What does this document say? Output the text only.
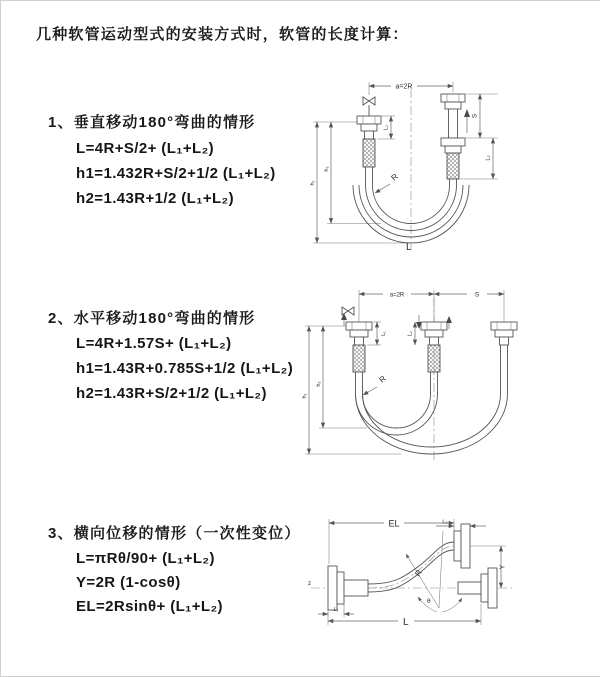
几种软管运动型式的安装方式时，软管的长度计算：
1、垂直移动180°弯曲的情形
L=4R+S/2+ (L₁+L₂)
h1=1.432R+S/2+1/2 (L₁+L₂)
h2=1.43R+1/2 (L₁+L₂)
a=2R
L₁
S
L₂
h₁
h₂
R
L
2、水平移动180°弯曲的情形
L=4R+1.57S+ (L₁+L₂)
h1=1.43R+0.785S+1/2 (L₁+L₂)
h2=1.43R+S/2+1/2 (L₁+L₂)
a=2R	S
L₁	L₂
h₁
h₂	R
3、横向位移的情形（一次性变位）
L=πRθ/90+ (L₁+L₂)
Y=2R (1-cosθ)
EL=2Rsinθ+ (L₁+L₂)
z
EL	L₂
L₁
Y
θ
R
L
